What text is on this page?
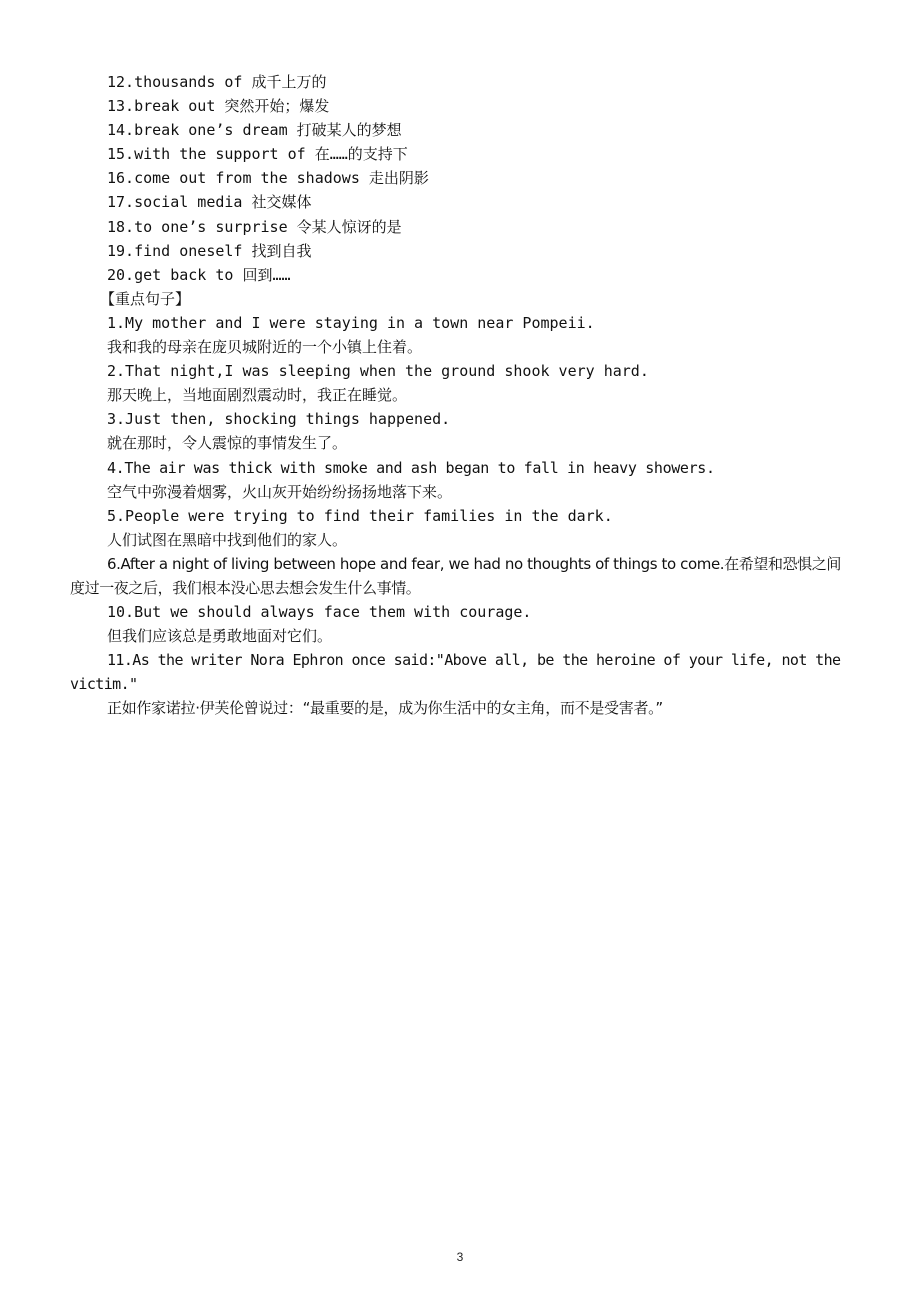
12.thousands of 成千上万的
13.break out 突然开始；爆发
14.break one’s dream 打破某人的梦想
15.with the support of 在……的支持下
16.come out from the shadows 走出阴影
17.social media 社交媒体
18.to one’s surprise 令某人惊讶的是
19.find oneself 找到自我
20.get back to 回到……
【重点句子】
1.My mother and I were staying in a town near Pompeii.
我和我的母亲在庞贝城附近的一个小镇上住着。
2.That night,I was sleeping when the ground shook very hard.
那天晚上，当地面剧烈震动时，我正在睡觉。
3.Just then, shocking things happened.
就在那时，令人震惊的事情发生了。
4.The air was thick with smoke and ash began to fall in heavy showers.
空气中弥漫着烟雾，火山灰开始纷纷扬扬地落下来。
5.People were trying to find their families in the dark.
人们试图在黑暗中找到他们的家人。
6.After a night of living between hope and fear, we had no thoughts of things to come.在希望和恐惧之间度过一夜之后，我们根本没心思去想会发生什么事情。
10.But we should always face them with courage.
但我们应该总是勇敢地面对它们。
11.As the writer Nora Ephron once said:"Above all, be the heroine of your life, not the victim."
正如作家诺拉·伊芙伦曾说过：“最重要的是，成为你生活中的女主角，而不是受害者。”
3
